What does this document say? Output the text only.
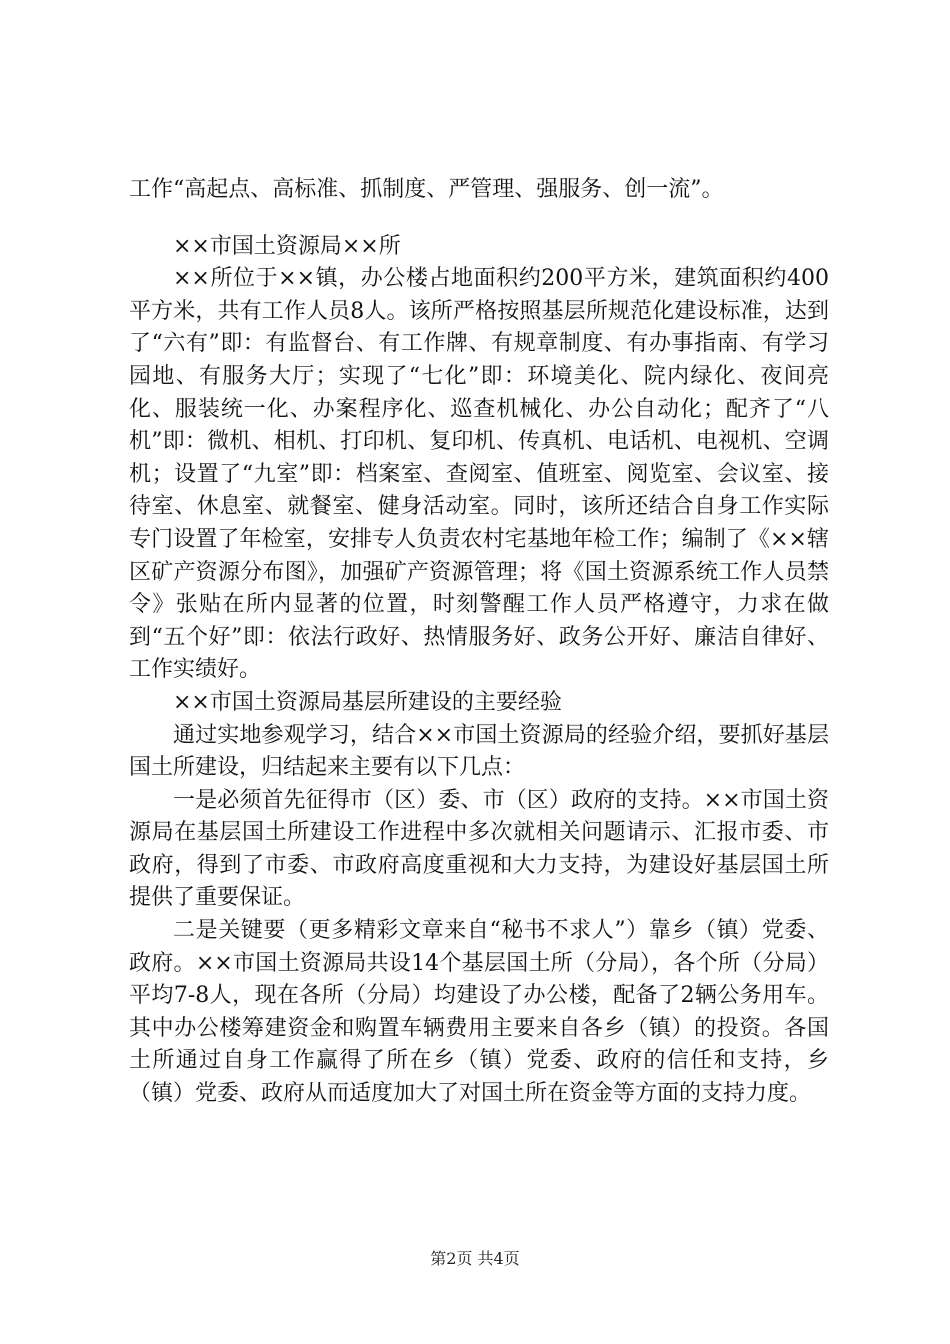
工作“高起点、高标准、抓制度、严管理、强服务、创一流”。

××市国土资源局××所

××所位于××镇，办公楼占地面积约200平方米，建筑面积约400平方米，共有工作人员8人。该所严格按照基层所规范化建设标准，达到了“六有”即：有监督台、有工作牌、有规章制度、有办事指南、有学习园地、有服务大厅；实现了“七化”即：环境美化、院内绿化、夜间亮化、服装统一化、办案程序化、巡查机械化、办公自动化；配齐了“八机”即：微机、相机、打印机、复印机、传真机、电话机、电视机、空调机；设置了“九室”即：档案室、查阅室、值班室、阅览室、会议室、接待室、休息室、就餐室、健身活动室。同时，该所还结合自身工作实际专门设置了年检室，安排专人负责农村宅基地年检工作；编制了《××辖区矿产资源分布图》，加强矿产资源管理；将《国土资源系统工作人员禁令》张贴在所内显著的位置，时刻警醒工作人员严格遵守，力求在做到“五个好”即：依法行政好、热情服务好、政务公开好、廉洁自律好、工作实绩好。

××市国土资源局基层所建设的主要经验

通过实地参观学习，结合××市国土资源局的经验介绍，要抓好基层国土所建设，归结起来主要有以下几点：

一是必须首先征得市（区）委、市（区）政府的支持。××市国土资源局在基层国土所建设工作进程中多次就相关问题请示、汇报市委、市政府，得到了市委、市政府高度重视和大力支持，为建设好基层国土所提供了重要保证。

二是关键要（更多精彩文章来自“秘书不求人”）靠乡（镇）党委、政府。××市国土资源局共设14个基层国土所（分局），各个所（分局）平均7-8人，现在各所（分局）均建设了办公楼，配备了2辆公务用车。其中办公楼筹建资金和购置车辆费用主要来自各乡（镇）的投资。各国土所通过自身工作赢得了所在乡（镇）党委、政府的信任和支持，乡（镇）党委、政府从而适度加大了对国土所在资金等方面的支持力度。

第2页 共4页
